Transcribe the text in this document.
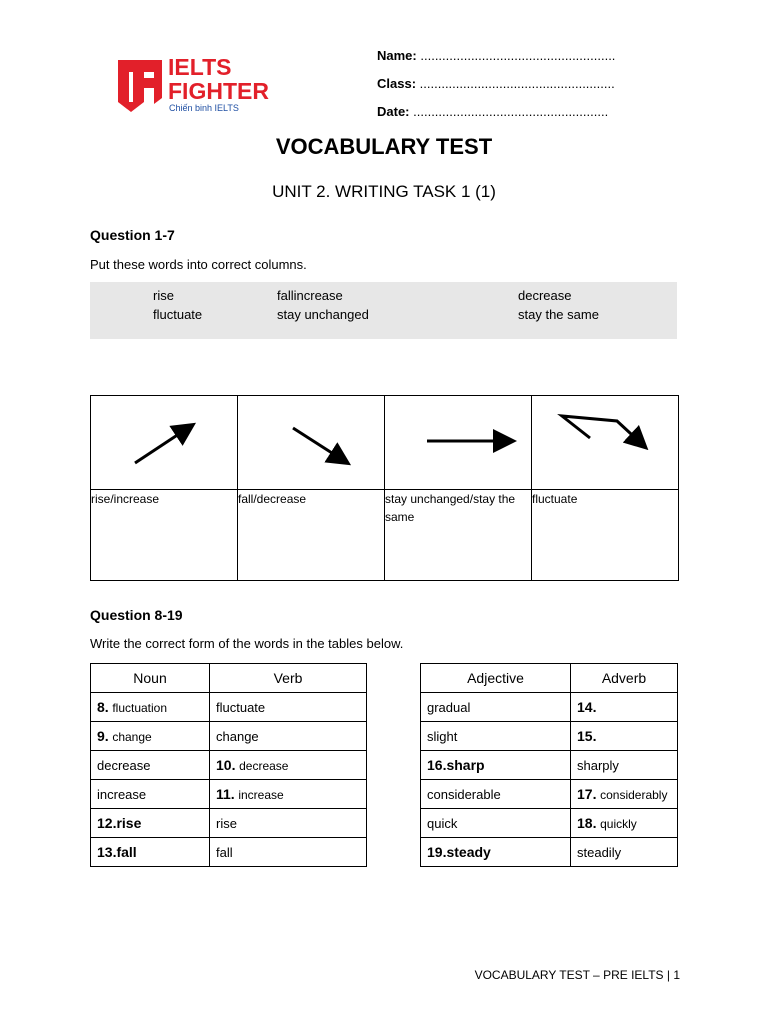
IELTS
FIGHTER
Chiến binh IELTS
Name: ......................................................
Class: ......................................................
Date: ......................................................
VOCABULARY TEST
UNIT 2. WRITING TASK 1 (1)
Question 1-7
Put these words into correct columns.
rise	fallincrease	decrease
fluctuate	stay unchanged	stay the same

rise/increase	fall/decrease	stay unchanged/stay the same	fluctuate
Question 8-19
Write the correct form of the words in the tables below.
Noun	Verb
8. fluctuation	fluctuate
9. change	change
decrease	10. decrease
increase	11. increase
12.rise	rise
13.fall	fall
Adjective	Adverb
gradual	14.
slight	15.
16.sharp	sharply
considerable	17. considerably
quick	18. quickly
19.steady	steadily
VOCABULARY TEST – PRE IELTS | 1
